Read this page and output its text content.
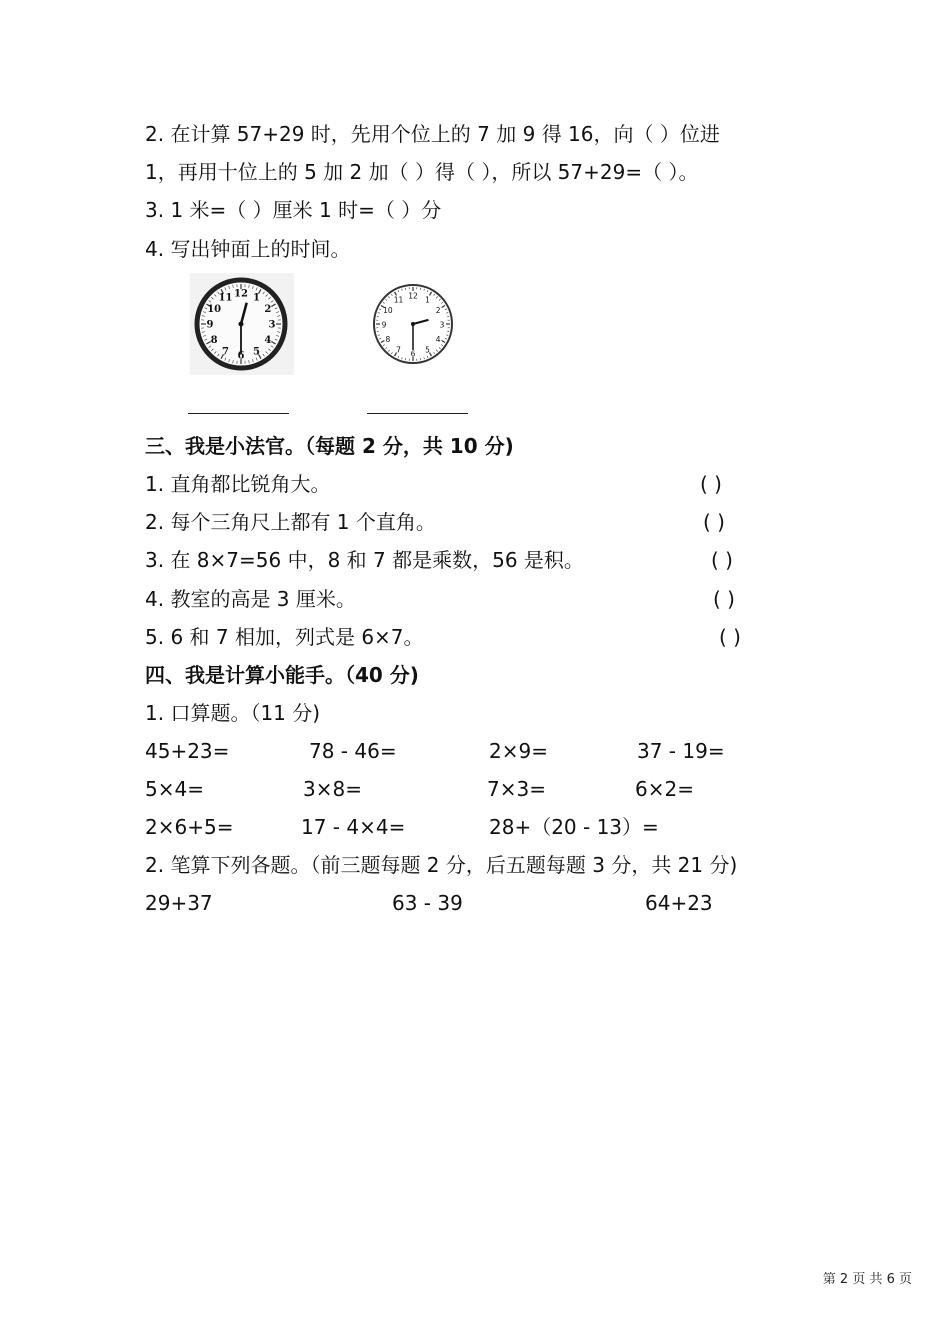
2. 在计算 57+29 时，先用个位上的 7 加 9 得 16，向（ ）位进
1，再用十位上的 5 加 2 加（ ）得（ ），所以 57+29=（ ）。
3. 1 米=（ ）厘米 1 时=（ ）分
4. 写出钟面上的时间。
12 1
2
3
4
5
6
7
8
9
10
11	12 1
2
3
4
5
6
7
8
9
10
11
三、我是小法官。（每题 2 分，共 10 分)
1. 直角都比锐角大。	( )
2. 每个三角尺上都有 1 个直角。	( )
3. 在 8×7=56 中，8 和 7 都是乘数，56 是积。	( )
4. 教室的高是 3 厘米。	( )
5. 6 和 7 相加，列式是 6×7。	( )
四、我是计算小能手。（40 分)
1. 口算题。（11 分)
45+23=	78 - 46=	2×9=	37 - 19=
5×4=	3×8=	7×3=	6×2=
2×6+5=	17 - 4×4=	28+（20 - 13）=
2. 笔算下列各题。（前三题每题 2 分，后五题每题 3 分，共 21 分)
29+37	63 - 39	64+23
第 2 页 共 6 页
